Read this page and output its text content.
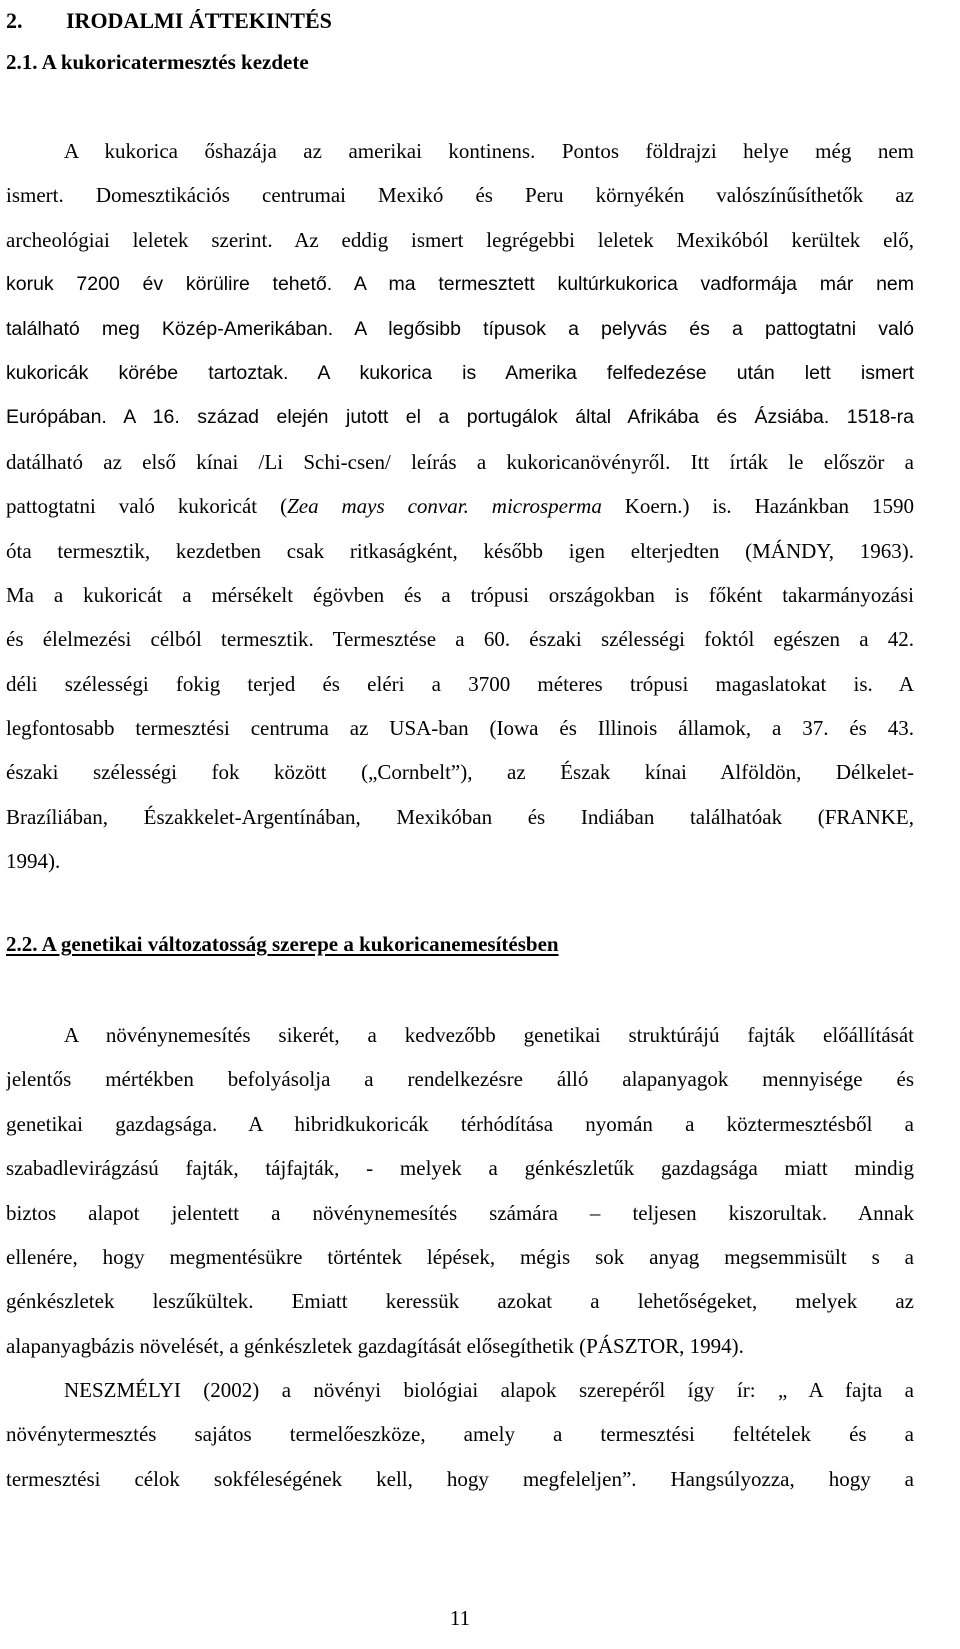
2. IRODALMI ÁTTEKINTÉS
2.1. A kukoricatermesztés kezdete
A kukorica őshazája az amerikai kontinens. Pontos földrajzi helye még nem
ismert. Domesztikációs centrumai Mexikó és Peru környékén valószínűsíthetők az
archeológiai leletek szerint. Az eddig ismert legrégebbi leletek Mexikóból kerültek elő,
koruk 7200 év körülire tehető. A ma termesztett kultúrkukorica vadformája már nem
található meg Közép-Amerikában. A legősibb típusok a pelyvás és a pattogtatni való
kukoricák körébe tartoztak. A kukorica is Amerika felfedezése után lett ismert
Európában. A 16. század elején jutott el a portugálok által Afrikába és Ázsiába. 1518-ra
datálható az első kínai /Li Schi-csen/ leírás a kukoricanövényről. Itt írták le először a
pattogtatni való kukoricát (Zea mays convar. microsperma Koern.) is. Hazánkban 1590
óta termesztik, kezdetben csak ritkaságként, később igen elterjedten (MÁNDY, 1963).
Ma a kukoricát a mérsékelt égövben és a trópusi országokban is főként takarmányozási
és élelmezési célból termesztik. Termesztése a 60. északi szélességi foktól egészen a 42.
déli szélességi fokig terjed és eléri a 3700 méteres trópusi magaslatokat is. A
legfontosabb termesztési centruma az USA-ban (Iowa és Illinois államok, a 37. és 43.
északi szélességi fok között („Cornbelt”), az Észak kínai Alföldön, Délkelet-
Brazíliában, Északkelet-Argentínában, Mexikóban és Indiában találhatóak (FRANKE,
1994).
2.2. A genetikai változatosság szerepe a kukoricanemesítésben
A növénynemesítés sikerét, a kedvezőbb genetikai struktúrájú fajták előállítását
jelentős mértékben befolyásolja a rendelkezésre álló alapanyagok mennyisége és
genetikai gazdagsága. A hibridkukoricák térhódítása nyomán a köztermesztésből a
szabadlevirágzású fajták, tájfajták, - melyek a génkészletűk gazdagsága miatt mindig
biztos alapot jelentett a növénynemesítés számára – teljesen kiszorultak. Annak
ellenére, hogy megmentésükre történtek lépések, mégis sok anyag megsemmisült s a
génkészletek leszűkültek. Emiatt keressük azokat a lehetőségeket, melyek az
alapanyagbázis növelését, a génkészletek gazdagítását elősegíthetik (PÁSZTOR, 1994).
NESZMÉLYI (2002) a növényi biológiai alapok szerepéről így ír: „ A fajta a
növénytermesztés sajátos termelőeszköze, amely a termesztési feltételek és a
termesztési célok sokféleségének kell, hogy megfeleljen”. Hangsúlyozza, hogy a
11
